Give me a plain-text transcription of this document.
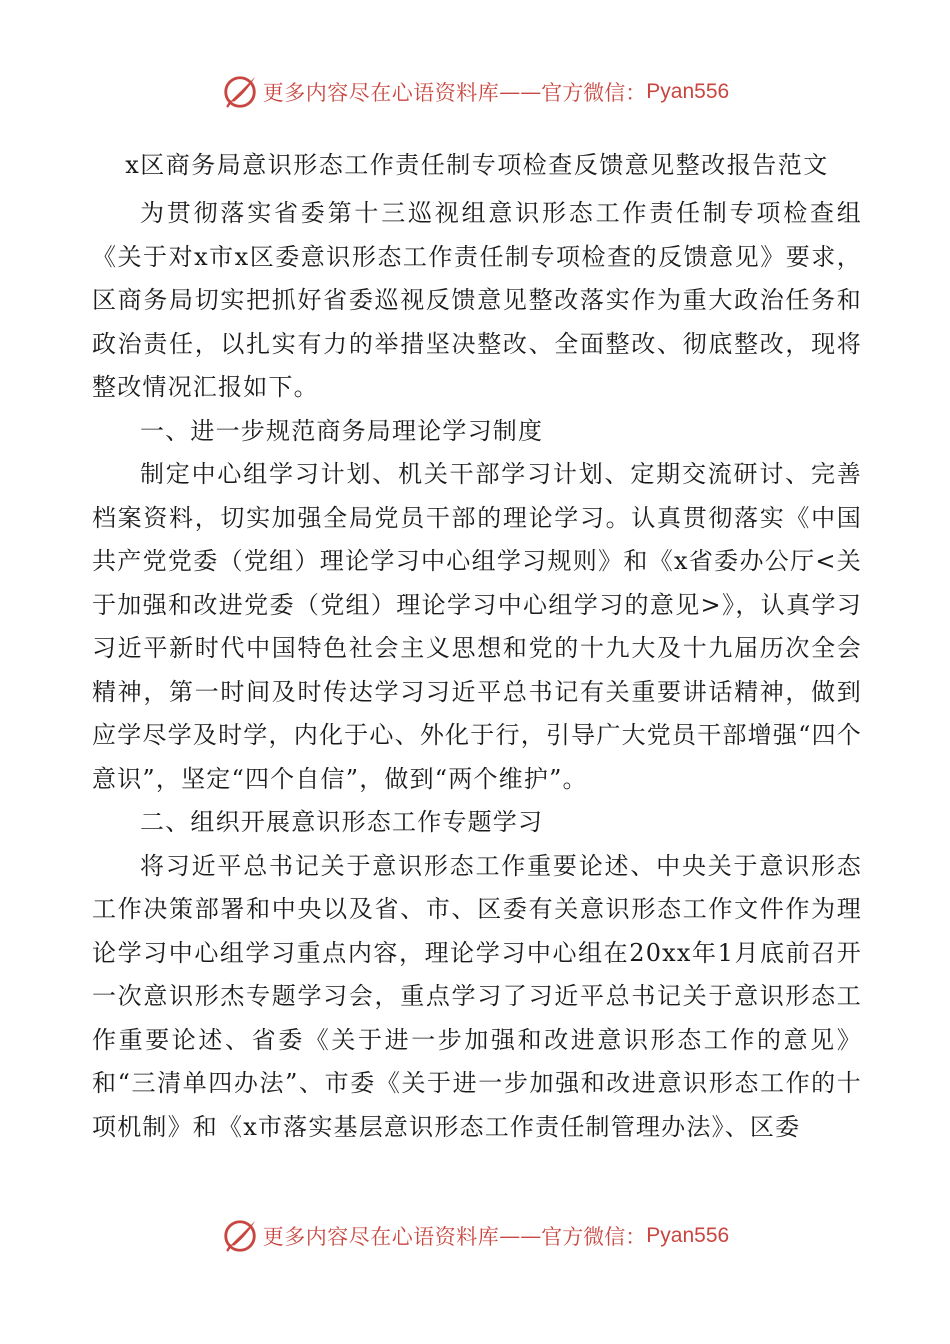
更多内容尽在心语资料库 —— 官方微信： Pyan556
x区商务局意识形态工作责任制专项检查反馈意见整改报告范文

为贯彻落实省委第十三巡视组意识形态工作责任制专项检查组《关于对x市x区委意识形态工作责任制专项检查的反馈意见》要求，区商务局切实把抓好省委巡视反馈意见整改落实作为重大政治任务和政治责任，以扎实有力的举措坚决整改、全面整改、彻底整改，现将整改情况汇报如下。

一、进一步规范商务局理论学习制度

制定中心组学习计划、机关干部学习计划、定期交流研讨、完善档案资料，切实加强全局党员干部的理论学习。认真贯彻落实《中国共产党党委（党组）理论学习中心组学习规则》和《x省委办公厅<关于加强和改进党委（党组）理论学习中心组学习的意见>》，认真学习习近平新时代中国特色社会主义思想和党的十九大及十九届历次全会精神，第一时间及时传达学习习近平总书记有关重要讲话精神，做到应学尽学及时学，内化于心、外化于行，引导广大党员干部增强“四个意识”，坚定“四个自信”，做到“两个维护”。

二、组织开展意识形态工作专题学习

将习近平总书记关于意识形态工作重要论述、中央关于意识形态工作决策部署和中央以及省、市、区委有关意识形态工作文件作为理论学习中心组学习重点内容，理论学习中心组在20xx年1月底前召开一次意识形杰专题学习会，重点学习了习近平总书记关于意识形态工作重要论述、省委《关于进一步加强和改进意识形态工作的意见》和“三清单四办法”、市委《关于进一步加强和改进意识形态工作的十项机制》和《x市落实基层意识形态工作责任制管理办法》、区委

更多内容尽在心语资料库 —— 官方微信： Pyan556
